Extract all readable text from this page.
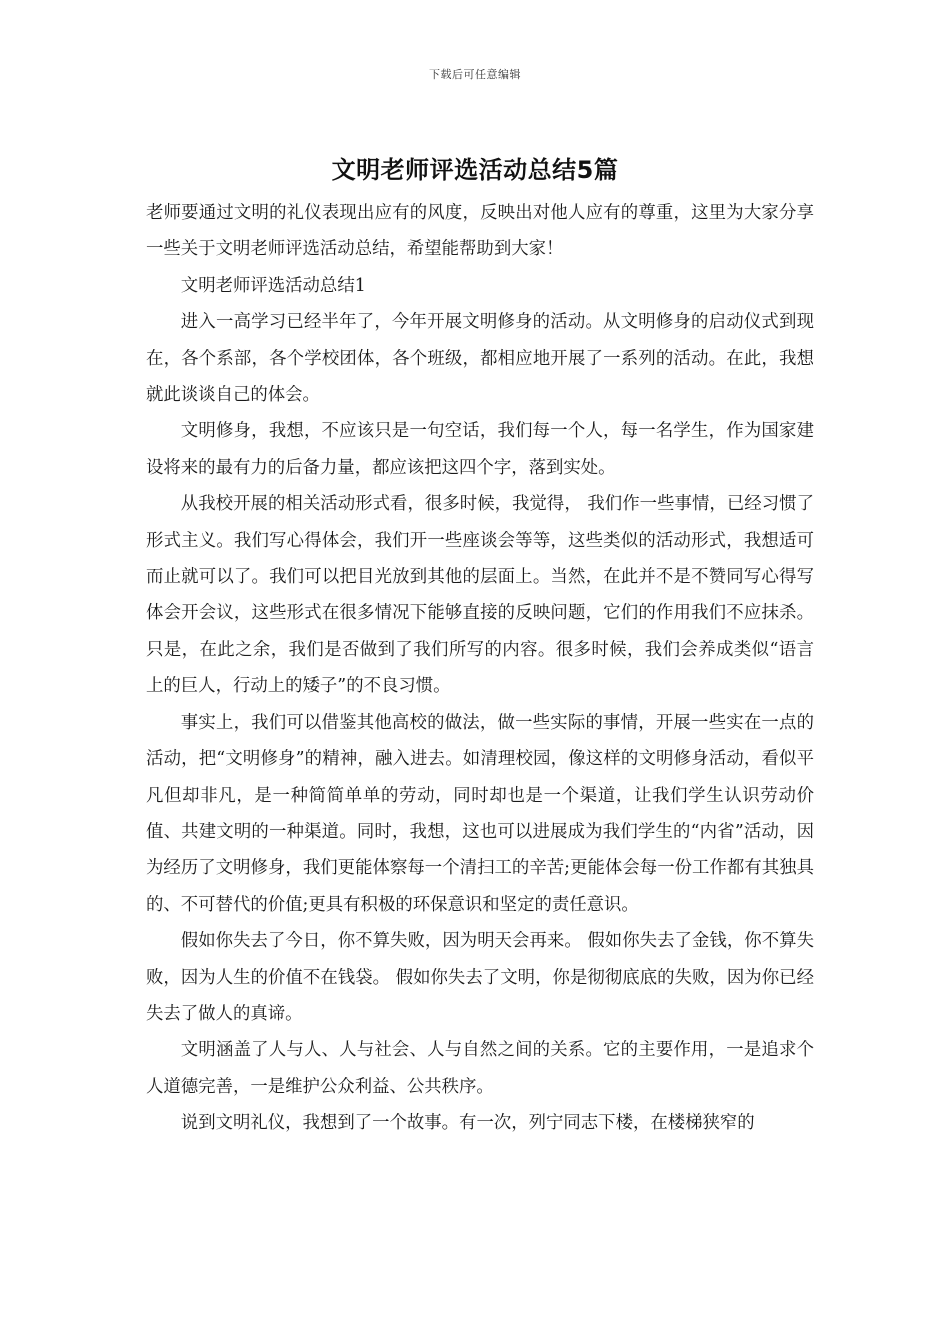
下载后可任意编辑
文明老师评选活动总结5篇

老师要通过文明的礼仪表现出应有的风度，反映出对他人应有的尊重，这里为大家分享一些关于文明老师评选活动总结，希望能帮助到大家！

文明老师评选活动总结1

进入一高学习已经半年了，今年开展文明修身的活动。从文明修身的启动仪式到现在，各个系部，各个学校团体，各个班级，都相应地开展了一系列的活动。在此，我想就此谈谈自己的体会。

文明修身，我想，不应该只是一句空话，我们每一个人，每一名学生，作为国家建设将来的最有力的后备力量，都应该把这四个字，落到实处。

从我校开展的相关活动形式看，很多时候，我觉得， 我们作一些事情，已经习惯了形式主义。我们写心得体会，我们开一些座谈会等等，这些类似的活动形式，我想适可而止就可以了。我们可以把目光放到其他的层面上。当然，在此并不是不赞同写心得写体会开会议，这些形式在很多情况下能够直接的反映问题，它们的作用我们不应抹杀。只是，在此之余，我们是否做到了我们所写的内容。很多时候，我们会养成类似“语言上的巨人，行动上的矮子”的不良习惯。

事实上，我们可以借鉴其他高校的做法，做一些实际的事情，开展一些实在一点的活动，把“文明修身”的精神，融入进去。如清理校园，像这样的文明修身活动，看似平凡但却非凡，是一种简简单单的劳动，同时却也是一个渠道，让我们学生认识劳动价值、共建文明的一种渠道。同时，我想，这也可以进展成为我们学生的“内省”活动，因为经历了文明修身，我们更能体察每一个清扫工的辛苦;更能体会每一份工作都有其独具的、不可替代的价值;更具有积极的环保意识和坚定的责任意识。

假如你失去了今日，你不算失败，因为明天会再来。 假如你失去了金钱，你不算失败，因为人生的价值不在钱袋。 假如你失去了文明，你是彻彻底底的失败，因为你已经失去了做人的真谛。

文明涵盖了人与人、人与社会、人与自然之间的关系。它的主要作用，一是追求个人道德完善，一是维护公众利益、公共秩序。

说到文明礼仪，我想到了一个故事。有一次，列宁同志下楼，在楼梯狭窄的
